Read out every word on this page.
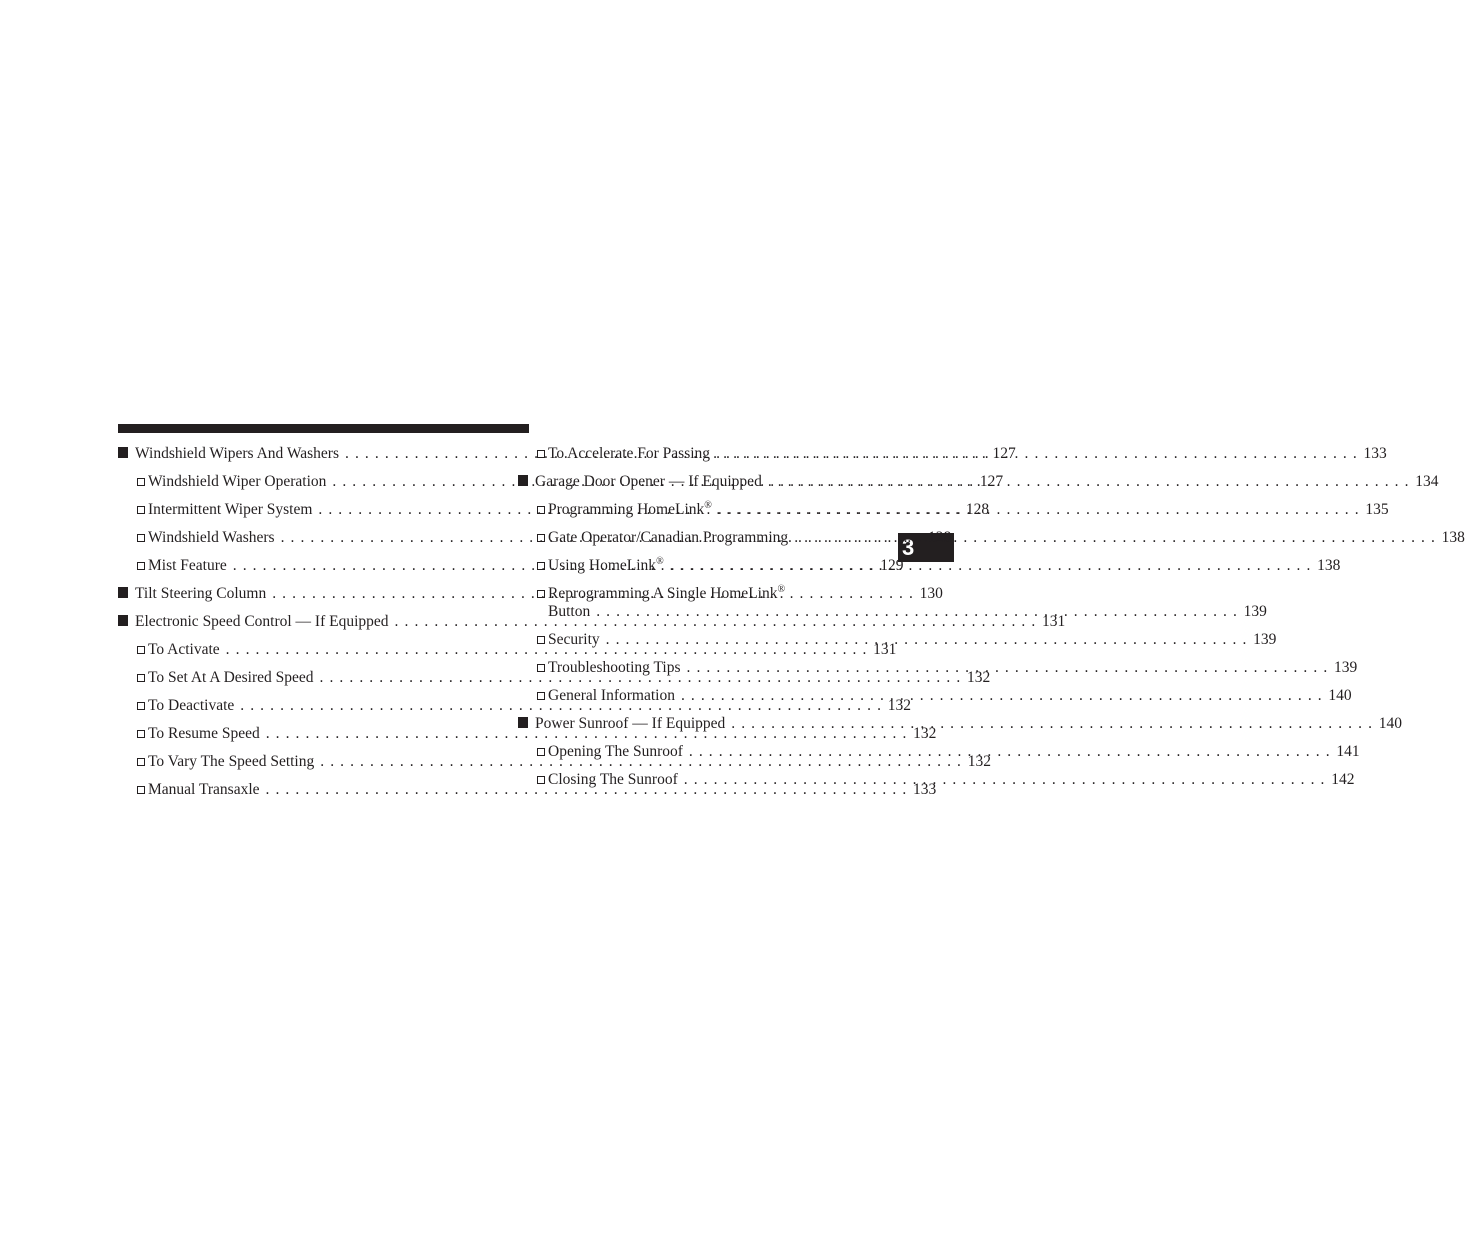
3
Windshield Wipers And Washers . . .	127
Windshield Wiper Operation . . .	127
Intermittent Wiper System . . .	128
Windshield Washers . . .	128
Mist Feature . . .	129
Tilt Steering Column . . .	130
Electronic Speed Control — If Equipped . . .	131
To Activate . . .	131
To Set At A Desired Speed . . .	132
To Deactivate . . .	132
To Resume Speed . . .	132
To Vary The Speed Setting . . .	132
Manual Transaxle . . .	133
To Accelerate For Passing . . .	133
Garage Door Opener — If Equipped . . .	134
Programming HomeLink® . . .	135
Gate Operator/Canadian Programming . . .	138
Using HomeLink® . . .	138
Reprogramming A Single HomeLink®
Button . . .	139
Security . . .	139
Troubleshooting Tips . . .	139
General Information . . .	140
Power Sunroof — If Equipped . . .	140
Opening The Sunroof . . .	141
Closing The Sunroof . . .	142
